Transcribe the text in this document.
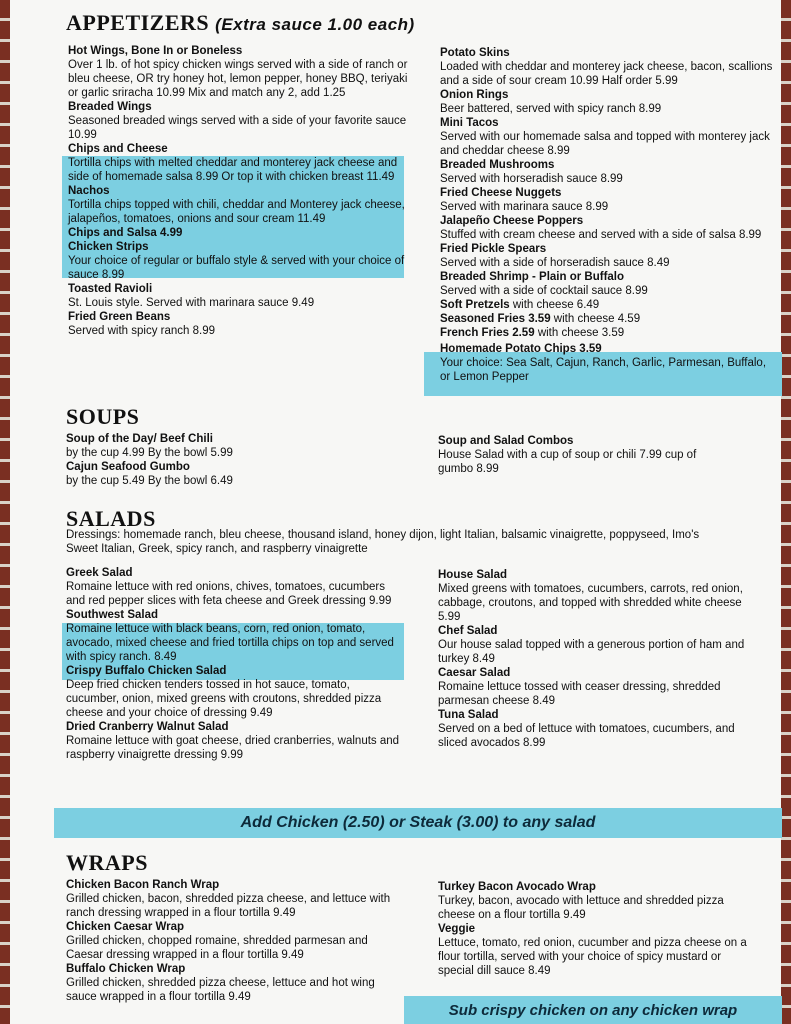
APPETIZERS (Extra sauce 1.00 each)
Hot Wings, Bone In or Boneless
Over 1 lb. of hot spicy chicken wings served with a side of ranch or bleu cheese, OR try honey hot, lemon pepper, honey BBQ, teriyaki or garlic sriracha 10.99 Mix and match any 2, add 1.25
Breaded Wings
Seasoned breaded wings served with a side of your favorite sauce 10.99
Chips and Cheese
Tortilla chips with melted cheddar and monterey jack cheese and side of homemade salsa 8.99 Or top it with chicken breast 11.49
Nachos
Tortilla chips topped with chili, cheddar and Monterey jack cheese, jalapeños, tomatoes, onions and sour cream 11.49
Chips and Salsa 4.99
Chicken Strips
Your choice of regular or buffalo style & served with your choice of sauce 8.99
Toasted Ravioli
St. Louis style. Served with marinara sauce 9.49
Fried Green Beans
Served with spicy ranch 8.99
Potato Skins
Loaded with cheddar and monterey jack cheese, bacon, scallions and a side of sour cream 10.99 Half order 5.99
Onion Rings
Beer battered, served with spicy ranch 8.99
Mini Tacos
Served with our homemade salsa and topped with monterey jack and cheddar cheese 8.99
Breaded Mushrooms
Served with horseradish sauce 8.99
Fried Cheese Nuggets
Served with marinara sauce 8.99
Jalapeño Cheese Poppers
Stuffed with cream cheese and served with a side of salsa 8.99
Fried Pickle Spears
Served with a side of horseradish sauce 8.49
Breaded Shrimp - Plain or Buffalo
Served with a side of cocktail sauce 8.99
Soft Pretzels with cheese 6.49
Seasoned Fries 3.59 with cheese 4.59
French Fries 2.59 with cheese 3.59
Homemade Potato Chips 3.59
Your choice: Sea Salt, Cajun, Ranch, Garlic, Parmesan, Buffalo, or Lemon Pepper
SOUPS
Soup of the Day/ Beef Chili
by the cup 4.99 By the bowl 5.99
Cajun Seafood Gumbo
by the cup 5.49 By the bowl 6.49
Soup and Salad Combos
House Salad with a cup of soup or chili 7.99 cup of gumbo 8.99
SALADS
Dressings: homemade ranch, bleu cheese, thousand island, honey dijon, light Italian, balsamic vinaigrette, poppyseed, Imo's Sweet Italian, Greek, spicy ranch, and raspberry vinaigrette
Greek Salad
Romaine lettuce with red onions, chives, tomatoes, cucumbers and red pepper slices with feta cheese and Greek dressing 9.99
Southwest Salad
Romaine lettuce with black beans, corn, red onion, tomato, avocado, mixed cheese and fried tortilla chips on top and served with spicy ranch. 8.49
Crispy Buffalo Chicken Salad
Deep fried chicken tenders tossed in hot sauce, tomato, cucumber, onion, mixed greens with croutons, shredded pizza cheese and your choice of dressing 9.49
Dried Cranberry Walnut Salad
Romaine lettuce with goat cheese, dried cranberries, walnuts and raspberry vinaigrette dressing 9.99
House Salad
Mixed greens with tomatoes, cucumbers, carrots, red onion, cabbage, croutons, and topped with shredded white cheese 5.99
Chef Salad
Our house salad topped with a generous portion of ham and turkey 8.49
Caesar Salad
Romaine lettuce tossed with ceaser dressing, shredded parmesan cheese 8.49
Tuna Salad
Served on a bed of lettuce with tomatoes, cucumbers, and sliced avocados 8.99
Add Chicken (2.50) or Steak (3.00) to any salad
WRAPS
Chicken Bacon Ranch Wrap
Grilled chicken, bacon, shredded pizza cheese, and lettuce with ranch dressing wrapped in a flour tortilla 9.49
Chicken Caesar Wrap
Grilled chicken, chopped romaine, shredded parmesan and Caesar dressing wrapped in a flour tortilla 9.49
Buffalo Chicken Wrap
Grilled chicken, shredded pizza cheese, lettuce and hot wing sauce wrapped in a flour tortilla 9.49
Turkey Bacon Avocado Wrap
Turkey, bacon, avocado with lettuce and shredded pizza cheese on a flour tortilla 9.49
Veggie
Lettuce, tomato, red onion, cucumber and pizza cheese on a flour tortilla, served with your choice of spicy mustard or special dill sauce 8.49
Sub crispy chicken on any chicken wrap
